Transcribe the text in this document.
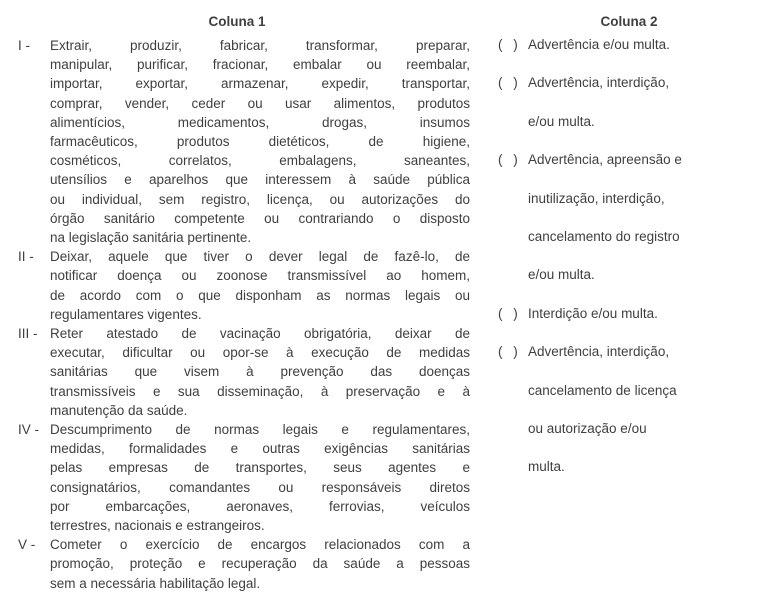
Coluna 1	Coluna 2
I - Extrair, produzir, fabricar, transformar, preparar,
manipular, purificar, fracionar, embalar ou reembalar,
importar, exportar, armazenar, expedir, transportar,
comprar, vender, ceder ou usar alimentos, produtos
alimentícios, medicamentos, drogas, insumos
farmacêuticos, produtos dietéticos, de higiene,
cosméticos, correlatos, embalagens, saneantes,
utensílios e aparelhos que interessem à saúde pública
ou individual, sem registro, licença, ou autorizações do
órgão sanitário competente ou contrariando o disposto
na legislação sanitária pertinente.
II - Deixar, aquele que tiver o dever legal de fazê-lo, de
notificar doença ou zoonose transmissível ao homem,
de acordo com o que disponham as normas legais ou
regulamentares vigentes.
III - Reter atestado de vacinação obrigatória, deixar de
executar, dificultar ou opor-se à execução de medidas
sanitárias que visem à prevenção das doenças
transmissíveis e sua disseminação, à preservação e à
manutenção da saúde.
IV - Descumprimento de normas legais e regulamentares,
medidas, formalidades e outras exigências sanitárias
pelas empresas de transportes, seus agentes e
consignatários, comandantes ou responsáveis diretos
por embarcações, aeronaves, ferrovias, veículos
terrestres, nacionais e estrangeiros.
V - Cometer o exercício de encargos relacionados com a
promoção, proteção e recuperação da saúde a pessoas
sem a necessária habilitação legal.
( ) Advertência e/ou multa.
( ) Advertência, interdição,
e/ou multa.
( ) Advertência, apreensão e
inutilização, interdição,
cancelamento do registro
e/ou multa.
( ) Interdição e/ou multa.
( ) Advertência, interdição,
cancelamento de licença
ou autorização e/ou
multa.
